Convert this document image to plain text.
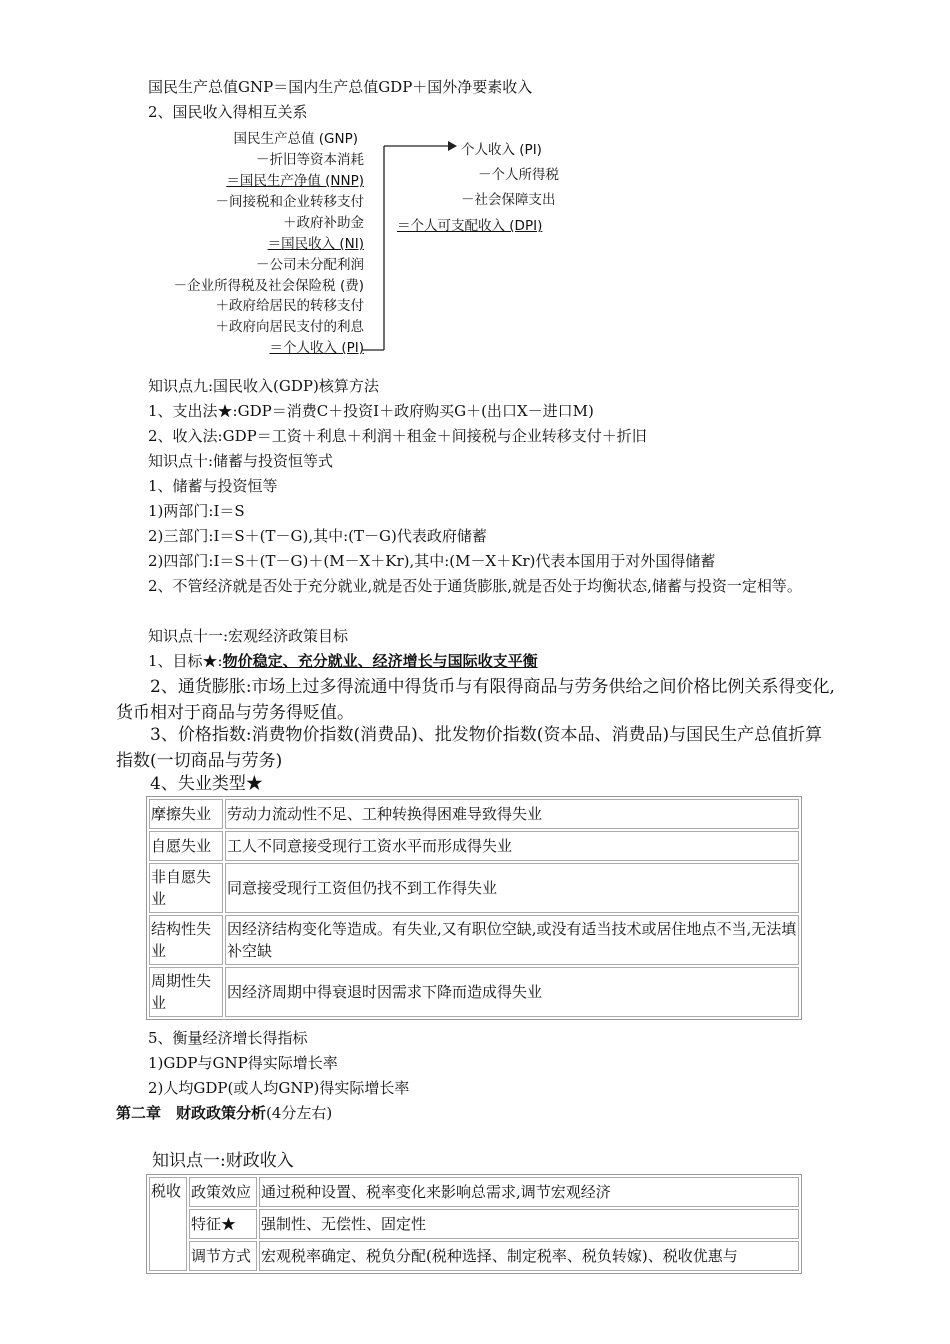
国民生产总值GNP＝国内生产总值GDP＋国外净要素收入
2、国民收入得相互关系
国民生产总值 (GNP)
－折旧等资本消耗
＝国民生产净值 (NNP)
－间接税和企业转移支付
＋政府补助金
＝国民收入 (NI)
－公司未分配利润
－企业所得税及社会保险税 (费)
＋政府给居民的转移支付
＋政府向居民支付的利息
＝个人收入 (PI)
个人收入 (PI)
－个人所得税
－社会保障支出
＝个人可支配收入 (DPI)
知识点九:国民收入(GDP)核算方法
1、支出法★:GDP＝消费C＋投资I＋政府购买G＋(出口X－进口M)
2、收入法:GDP＝工资＋利息＋利润＋租金＋间接税与企业转移支付＋折旧
知识点十:储蓄与投资恒等式
1、储蓄与投资恒等
1)两部门:I＝S
2)三部门:I＝S＋(T－G),其中:(T－G)代表政府储蓄
2)四部门:I＝S＋(T－G)＋(M－X＋Kr),其中:(M－X＋Kr)代表本国用于对外国得储蓄
2、不管经济就是否处于充分就业,就是否处于通货膨胀,就是否处于均衡状态,储蓄与投资一定相等。
知识点十一:宏观经济政策目标
1、目标★:物价稳定、充分就业、经济增长与国际收支平衡
2、通货膨胀:市场上过多得流通中得货币与有限得商品与劳务供给之间价格比例关系得变化,货币相对于商品与劳务得贬值。
3、价格指数:消费物价指数(消费品)、批发物价指数(资本品、消费品)与国民生产总值折算指数(一切商品与劳务)
4、失业类型★
摩擦失业	劳动力流动性不足、工种转换得困难导致得失业
自愿失业	工人不同意接受现行工资水平而形成得失业
非自愿失业	同意接受现行工资但仍找不到工作得失业
结构性失业	因经济结构变化等造成。有失业,又有职位空缺,或没有适当技术或居住地点不当,无法填补空缺
周期性失业	因经济周期中得衰退时因需求下降而造成得失业
5、衡量经济增长得指标
1)GDP与GNP得实际增长率
2)人均GDP(或人均GNP)得实际增长率
第二章　财政政策分析(4分左右)
知识点一:财政收入
税收	政策效应	通过税种设置、税率变化来影响总需求,调节宏观经济
	特征★	强制性、无偿性、固定性
	调节方式	宏观税率确定、税负分配(税种选择、制定税率、税负转嫁)、税收优惠与
